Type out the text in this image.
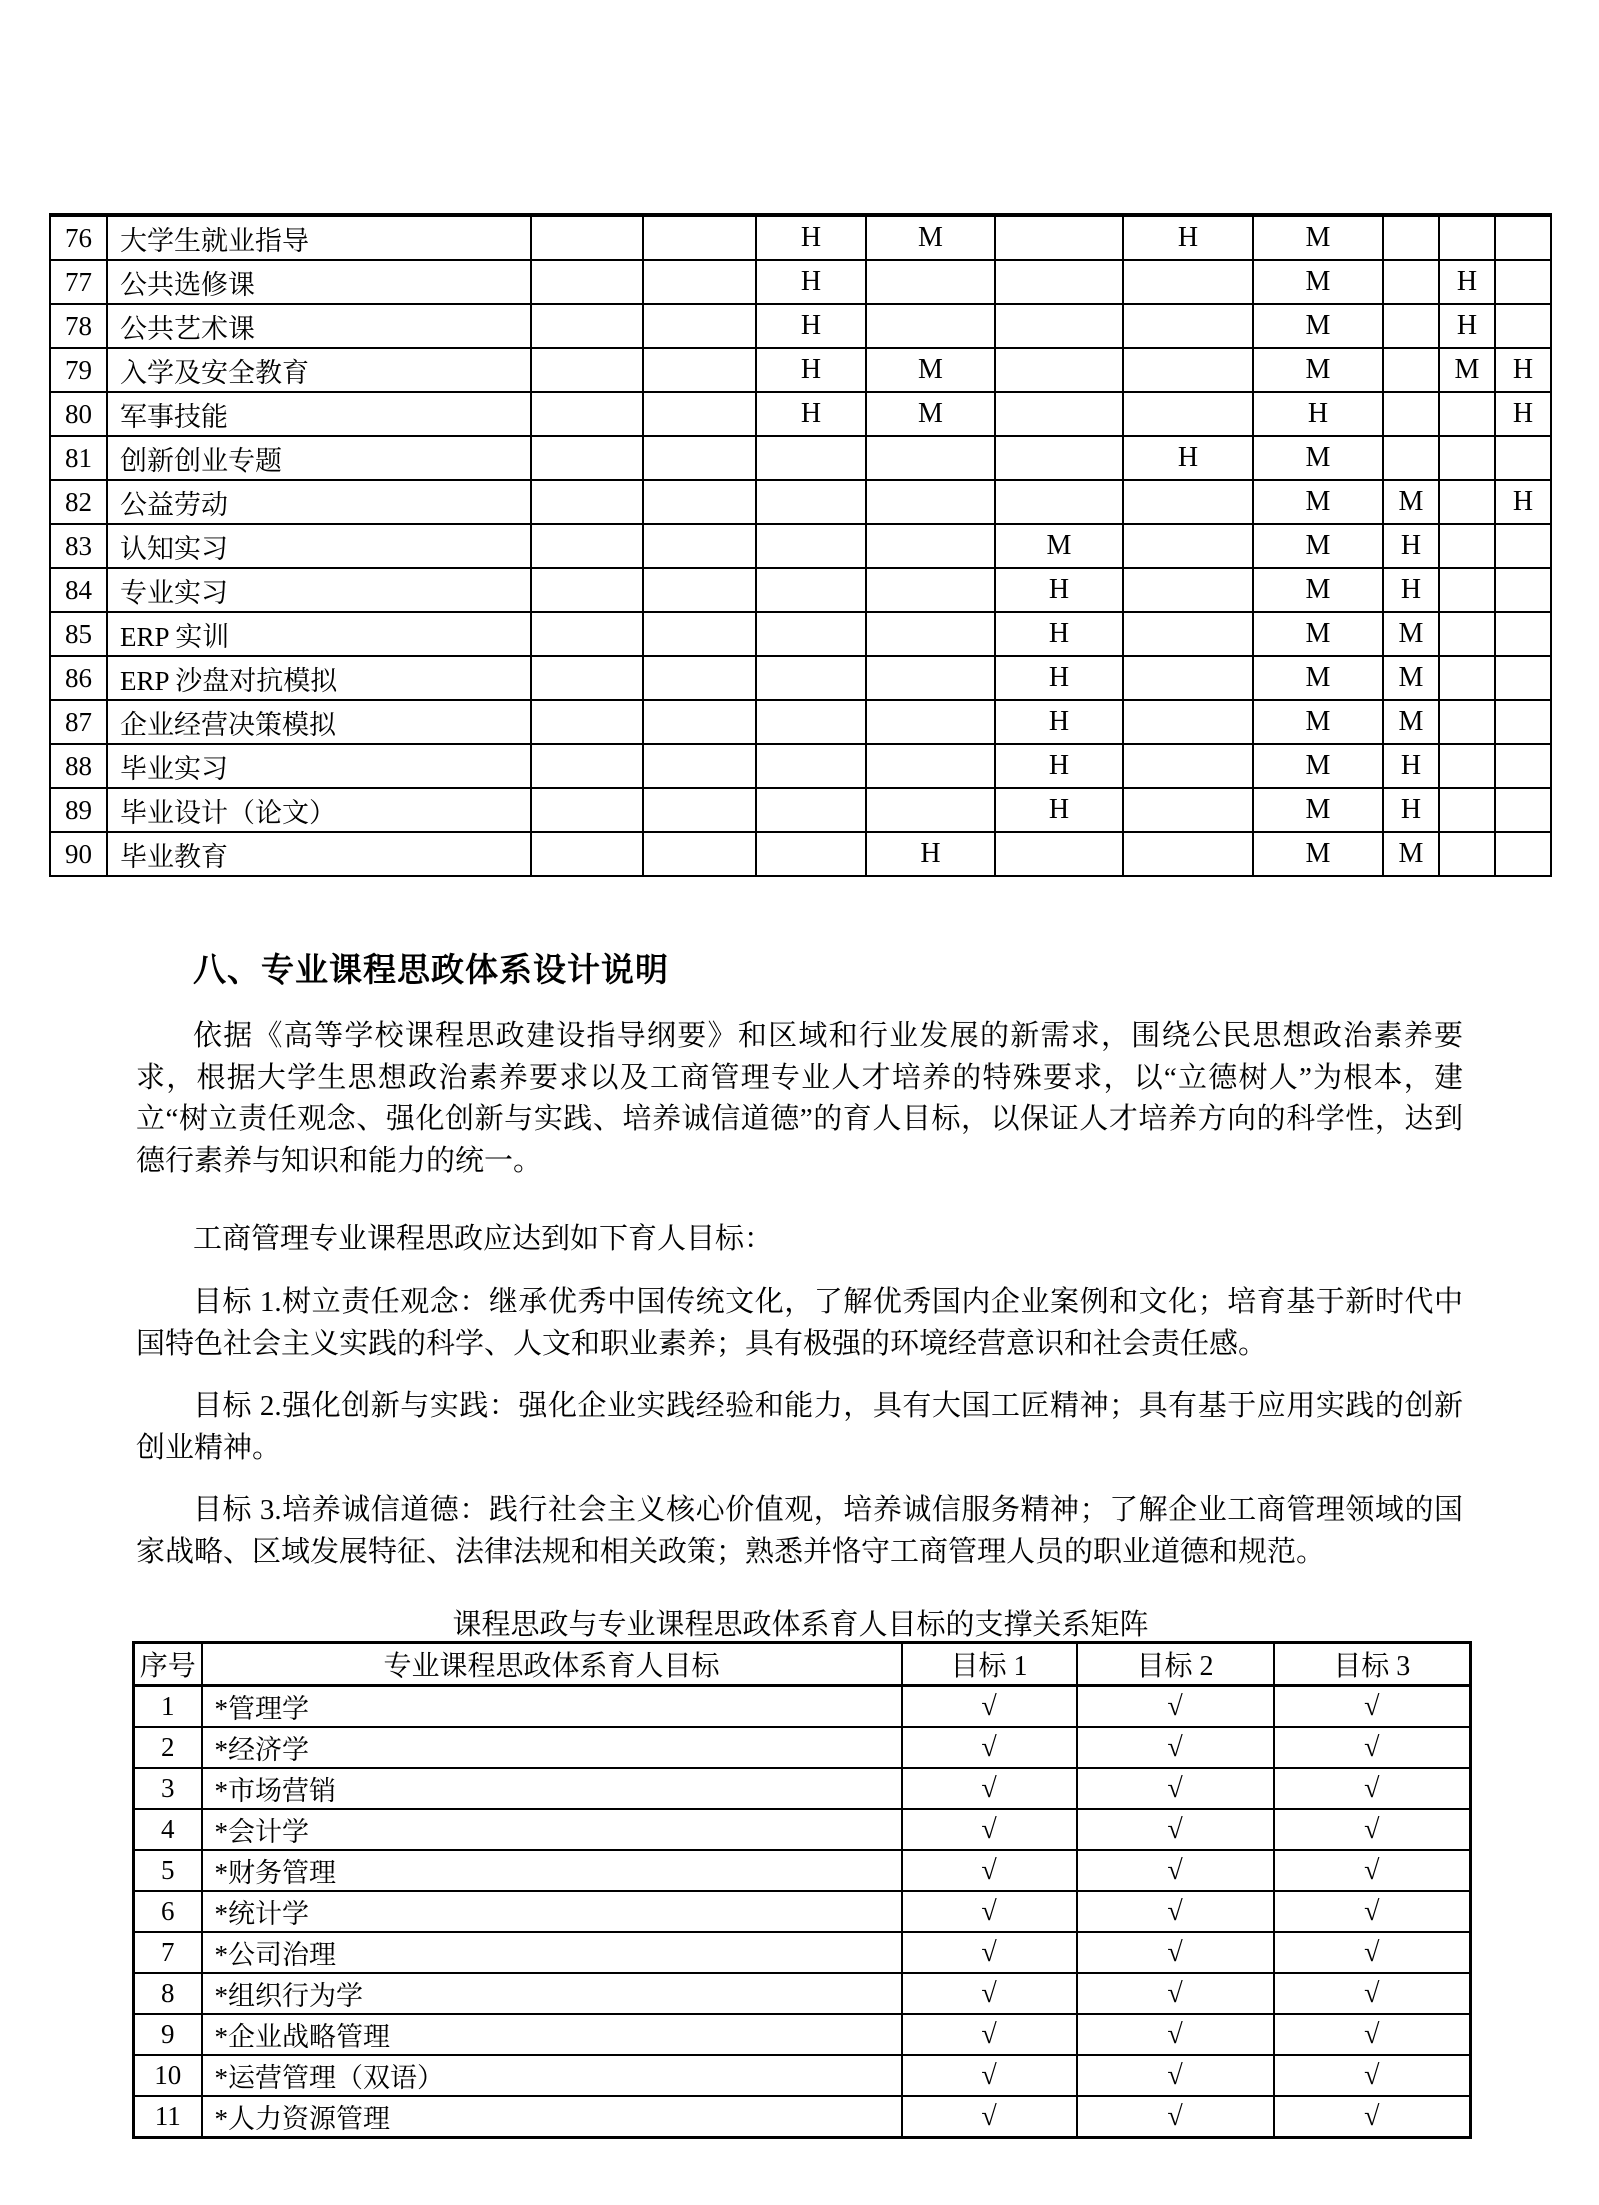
76	大学生就业指导			H	M		H	M			
77	公共选修课			H				M		H	
78	公共艺术课			H				M		H	
79	入学及安全教育			H	M			M		M	H
80	军事技能			H	M			H			H
81	创新创业专题						H	M			
82	公益劳动							M	M		H
83	认知实习					M		M	H		
84	专业实习					H		M	H		
85	ERP 实训					H		M	M		
86	ERP 沙盘对抗模拟					H		M	M		
87	企业经营决策模拟					H		M	M		
88	毕业实习					H		M	H		
89	毕业设计（论文）					H		M	H		
90	毕业教育				H			M	M		
八、专业课程思政体系设计说明

依据《高等学校课程思政建设指导纲要》和区域和行业发展的新需求，围绕公民思想政治素养要求，根据大学生思想政治素养要求以及工商管理专业人才培养的特殊要求，以“立德树人”为根本，建立“树立责任观念、强化创新与实践、培养诚信道德”的育人目标，以保证人才培养方向的科学性，达到德行素养与知识和能力的统一。

工商管理专业课程思政应达到如下育人目标：

目标 1.树立责任观念：继承优秀中国传统文化，了解优秀国内企业案例和文化；培育基于新时代中国特色社会主义实践的科学、人文和职业素养；具有极强的环境经营意识和社会责任感。

目标 2.强化创新与实践：强化企业实践经验和能力，具有大国工匠精神；具有基于应用实践的创新创业精神。

目标 3.培养诚信道德：践行社会主义核心价值观，培养诚信服务精神；了解企业工商管理领域的国家战略、区域发展特征、法律法规和相关政策；熟悉并恪守工商管理人员的职业道德和规范。

课程思政与专业课程思政体系育人目标的支撑关系矩阵

序号	专业课程思政体系育人目标	目标 1	目标 2	目标 3
1	*管理学	√	√	√
2	*经济学	√	√	√
3	*市场营销	√	√	√
4	*会计学	√	√	√
5	*财务管理	√	√	√
6	*统计学	√	√	√
7	*公司治理	√	√	√
8	*组织行为学	√	√	√
9	*企业战略管理	√	√	√
10	*运营管理（双语）	√	√	√
11	*人力资源管理	√	√	√
